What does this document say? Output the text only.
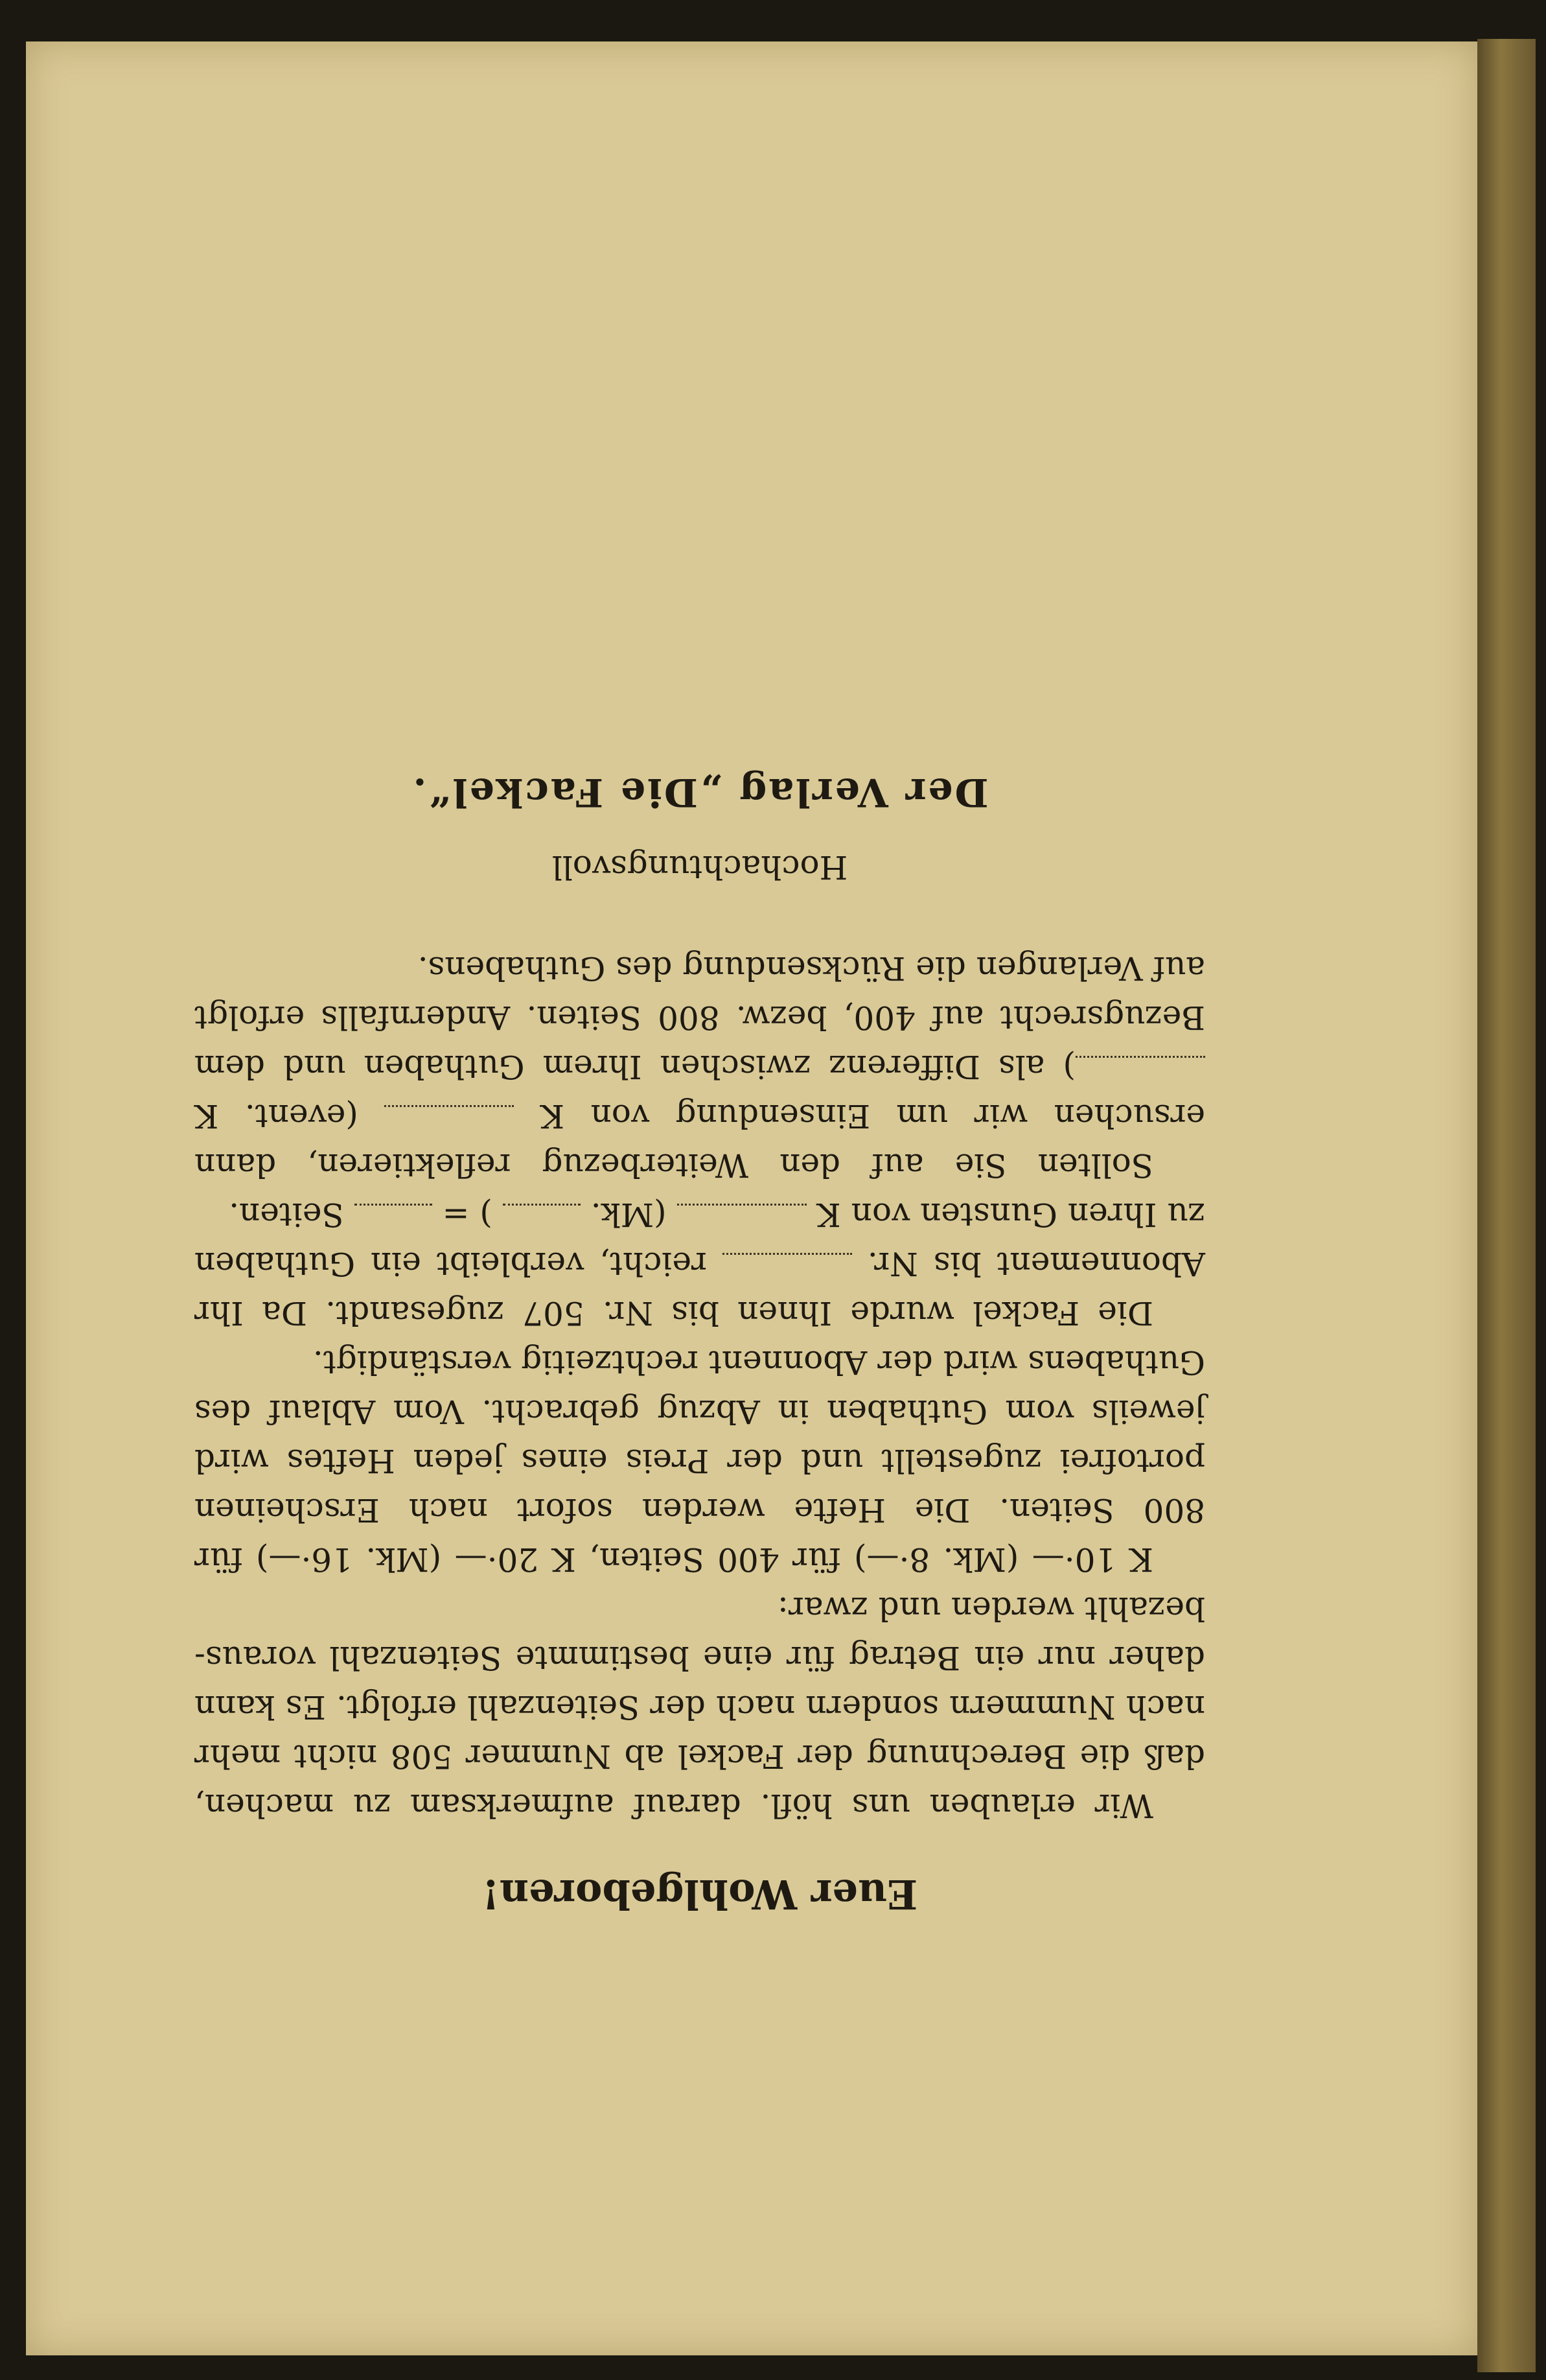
Euer Wohlgeboren!

Wir erlauben uns höfl. darauf aufmerksam zu machen, daß die Berechnung der Fackel ab Nummer 508 nicht mehr nach Nummern sondern nach der Seitenzahl erfolgt. Es kann daher nur ein Betrag für eine bestimmte Seitenzahl voraus-bezahlt werden und zwar:

K 10·— (Mk. 8·—) für 400 Seiten, K 20·— (Mk. 16·—) für 800 Seiten. Die Hefte werden sofort nach Erscheinen portofrei zugestellt und der Preis eines jeden Heftes wird jeweils vom Guthaben in Abzug gebracht. Vom Ablauf des Guthabens wird der Abonnent rechtzeitig verständigt.

Die Fackel wurde Ihnen bis Nr. 507 zugesandt. Da Ihr Abonnement bis Nr.  reicht, verbleibt ein Guthaben zu Ihren Gunsten von K  (Mk.  ) =  Seiten.

Sollten Sie auf den Weiterbezug reflektieren, dann ersuchen wir um Einsendung von K  (event. K ) als Differenz zwischen Ihrem Guthaben und dem Bezugsrecht auf 400, bezw. 800 Seiten. Andernfalls erfolgt auf Verlangen die Rücksendung des Guthabens.

Hochachtungsvoll
Der Verlag „Die Fackel“.
